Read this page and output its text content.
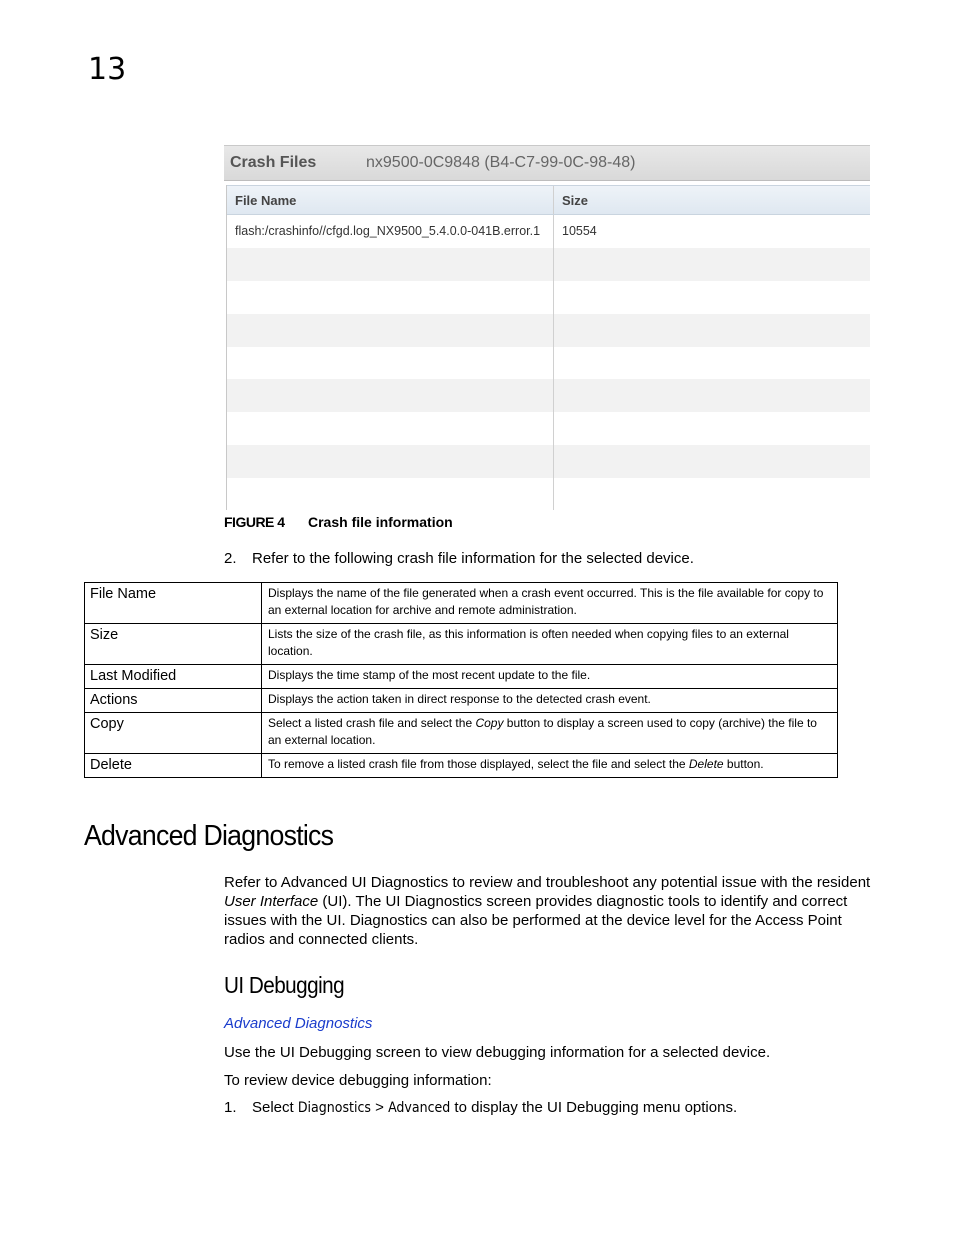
13
Crash Files	nx9500-0C9848 (B4-C7-99-0C-98-48)
File Name	Size
flash:/crashinfo//cfgd.log_NX9500_5.4.0.0-041B.error.1	10554
FIGURE 4 Crash file information
2. Refer to the following crash file information for the selected device.
File Name	Displays the name of the file generated when a crash event occurred. This is the file available for copy to an external location for archive and remote administration.
Size	Lists the size of the crash file, as this information is often needed when copying files to an external location.
Last Modified	Displays the time stamp of the most recent update to the file.
Actions	Displays the action taken in direct response to the detected crash event.
Copy	Select a listed crash file and select the Copy button to display a screen used to copy (archive) the file to an external location.
Delete	To remove a listed crash file from those displayed, select the file and select the Delete button.
Advanced Diagnostics
Refer to Advanced UI Diagnostics to review and troubleshoot any potential issue with the resident User Interface (UI). The UI Diagnostics screen provides diagnostic tools to identify and correct issues with the UI. Diagnostics can also be performed at the device level for the Access Point radios and connected clients.
UI Debugging
Advanced Diagnostics
Use the UI Debugging screen to view debugging information for a selected device.
To review device debugging information:
1. Select Diagnostics > Advanced to display the UI Debugging menu options.
